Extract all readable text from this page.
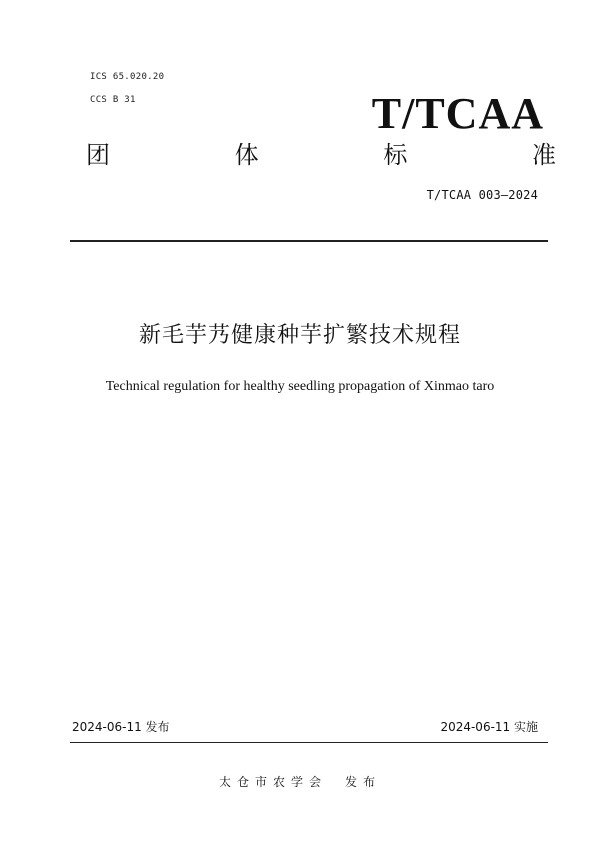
ICS 65.020.20
CCS B 31	T/TCAA
团	体	标	准
T/TCAA 003—2024
新毛芋艿健康种芋扩繁技术规程
Technical regulation for healthy seedling propagation of Xinmao taro
2024-06-11 发布	2024-06-11 实施
太仓市农学会 发布
